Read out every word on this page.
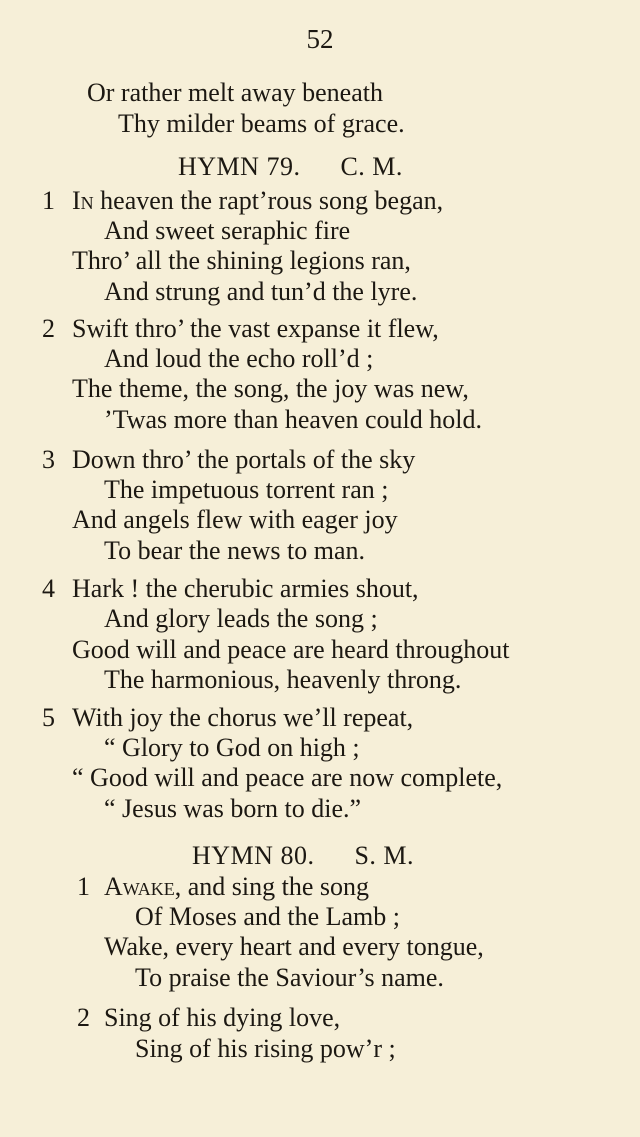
52
Or rather melt away beneath
Thy milder beams of grace.
HYMN 79. C. M.
1 In heaven the rapt’rous song began,
And sweet seraphic fire
Thro’ all the shining legions ran,
And strung and tun’d the lyre.
2 Swift thro’ the vast expanse it flew,
And loud the echo roll’d ;
The theme, the song, the joy was new,
’Twas more than heaven could hold.
3 Down thro’ the portals of the sky
The impetuous torrent ran ;
And angels flew with eager joy
To bear the news to man.
4 Hark ! the cherubic armies shout,
And glory leads the song ;
Good will and peace are heard throughout
The harmonious, heavenly throng.
5 With joy the chorus we’ll repeat,
“ Glory to God on high ;
“ Good will and peace are now complete,
“ Jesus was born to die.”
HYMN 80. S. M.
1 Awake, and sing the song
Of Moses and the Lamb ;
Wake, every heart and every tongue,
To praise the Saviour’s name.
2 Sing of his dying love,
Sing of his rising pow’r ;
